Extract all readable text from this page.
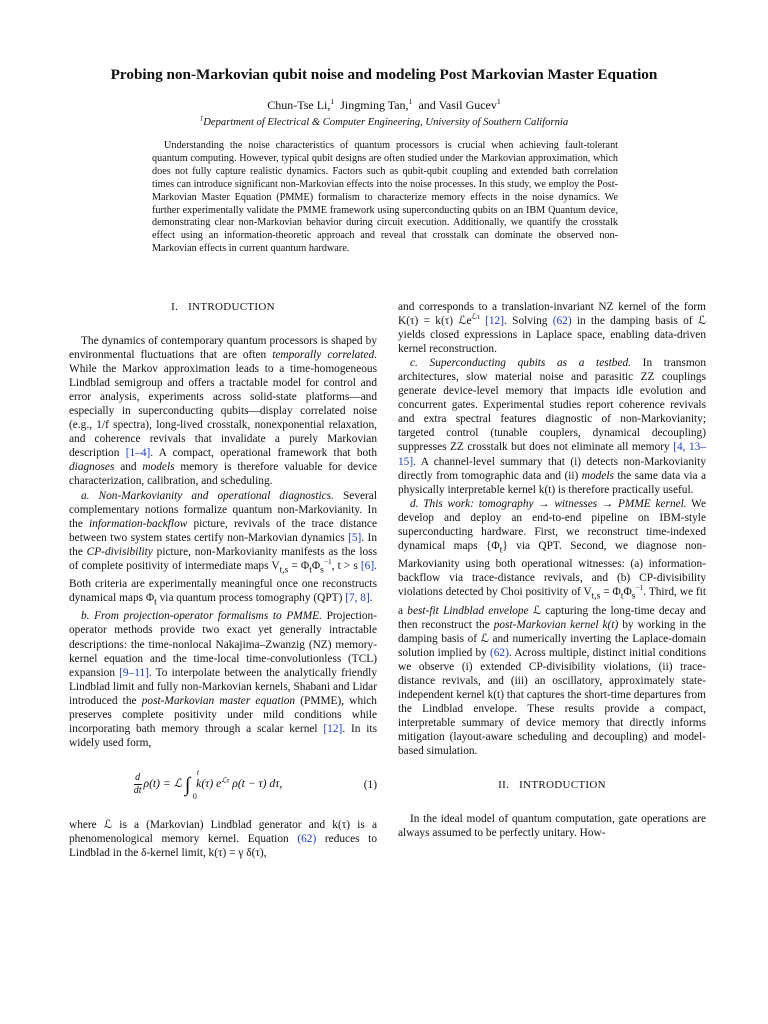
Probing non-Markovian qubit noise and modeling Post Markovian Master Equation
Chun-Tse Li,$^1$ Jingming Tan,$^1$ and Vasil Gucev$^1$
$^1$Department of Electrical & Computer Engineering, University of Southern California
Understanding the noise characteristics of quantum processors is crucial when achieving fault-tolerant quantum computing. However, typical qubit designs are often studied under the Markovian approximation, which does not fully capture realistic dynamics. Factors such as qubit-qubit coupling and extended bath correlation times can introduce significant non-Markovian effects into the noise processes. In this study, we employ the Post-Markovian Master Equation (PMME) formalism to characterize memory effects in the noise dynamics. We further experimentally validate the PMME framework using superconducting qubits on an IBM Quantum device, demonstrating clear non-Markovian behavior during circuit execution. Additionally, we quantify the crosstalk effect using an information-theoretic approach and reveal that crosstalk can dominate the observed non-Markovian effects in current quantum hardware.
I. INTRODUCTION

The dynamics of contemporary quantum processors is shaped by environmental fluctuations that are often temporally correlated. While the Markov approximation leads to a time-homogeneous Lindblad semigroup and offers a tractable model for control and error analysis, experiments across solid-state platforms—and especially in superconducting qubits—display correlated noise (e.g., 1/f spectra), long-lived crosstalk, nonexponential relaxation, and coherence revivals that invalidate a purely Markovian description [1–4]. A compact, operational framework that both diagnoses and models memory is therefore valuable for device characterization, calibration, and scheduling.

a. Non-Markovianity and operational diagnostics. Several complementary notions formalize quantum non-Markovianity. In the information-backflow picture, revivals of the trace distance between two system states certify non-Markovian dynamics [5]. In the CP-divisibility picture, non-Markovianity manifests as the loss of complete positivity of intermediate maps $V_{t,s} = \Phi_t\Phi_s^{-1}$, t > s [6]. Both criteria are experimentally meaningful once one reconstructs dynamical maps $\Phi_t$ via quantum process tomography (QPT) [7, 8].

b. From projection-operator formalisms to PMME. Projection-operator methods provide two exact yet generally intractable descriptions: the time-nonlocal Nakajima–Zwanzig (NZ) memory-kernel equation and the time-local time-convolutionless (TCL) expansion [9–11]. To interpolate between the analytically friendly Lindblad limit and fully non-Markovian kernels, Shabani and Lidar introduced the post-Markovian master equation (PMME), which preserves complete positivity under mild conditions while incorporating bath memory through a scalar kernel [12]. In its widely used form,

$\frac{d}{dt} \rho(t)$ = ℒ ∫
t
0
k(τ) $e^{ℒ\tau}$ ρ(t − τ) dτ,	(1)

where ℒ is a (Markovian) Lindblad generator and k(τ) is a phenomenological memory kernel. Equation (62) reduces to Lindblad in the δ-kernel limit, k(τ) = γ δ(τ),

and corresponds to a translation-invariant NZ kernel of the form K(τ) = k(τ) ℒe$^{ℒ\tau}$ [12]. Solving (62) in the damping basis of ℒ yields closed expressions in Laplace space, enabling data-driven kernel reconstruction.

c. Superconducting qubits as a testbed. In transmon architectures, slow material noise and parasitic ZZ couplings generate device-level memory that impacts idle evolution and concurrent gates. Experimental studies report coherence revivals and extra spectral features diagnostic of non-Markovianity; targeted control (tunable couplers, dynamical decoupling) suppresses ZZ crosstalk but does not eliminate all memory [4, 13–15]. A channel-level summary that (i) detects non-Markovianity directly from tomographic data and (ii) models the same data via a physically interpretable kernel k(t) is therefore practically useful.

d. This work: tomography → witnesses → PMME kernel. We develop and deploy an end-to-end pipeline on IBM-style superconducting hardware. First, we reconstruct time-indexed dynamical maps $\{\Phi_t\}$ via QPT. Second, we diagnose non-Markovianity using both operational witnesses: (a) information-backflow via trace-distance revivals, and (b) CP-divisibility violations detected by Choi positivity of $V_{t,s} = \Phi_t\Phi_s^{-1}$. Third, we fit a best-fit Lindblad envelope ℒ capturing the long-time decay and then reconstruct the post-Markovian kernel k(t) by working in the damping basis of ℒ and numerically inverting the Laplace-domain solution implied by (62). Across multiple, distinct initial conditions we observe (i) extended CP-divisibility violations, (ii) trace-distance revivals, and (iii) an oscillatory, approximately state-independent kernel k(t) that captures the short-time departures from the Lindblad envelope. These results provide a compact, interpretable summary of device memory that directly informs mitigation (layout-aware scheduling and decoupling) and model-based simulation.

II. INTRODUCTION

In the ideal model of quantum computation, gate operations are always assumed to be perfectly unitary. How-
